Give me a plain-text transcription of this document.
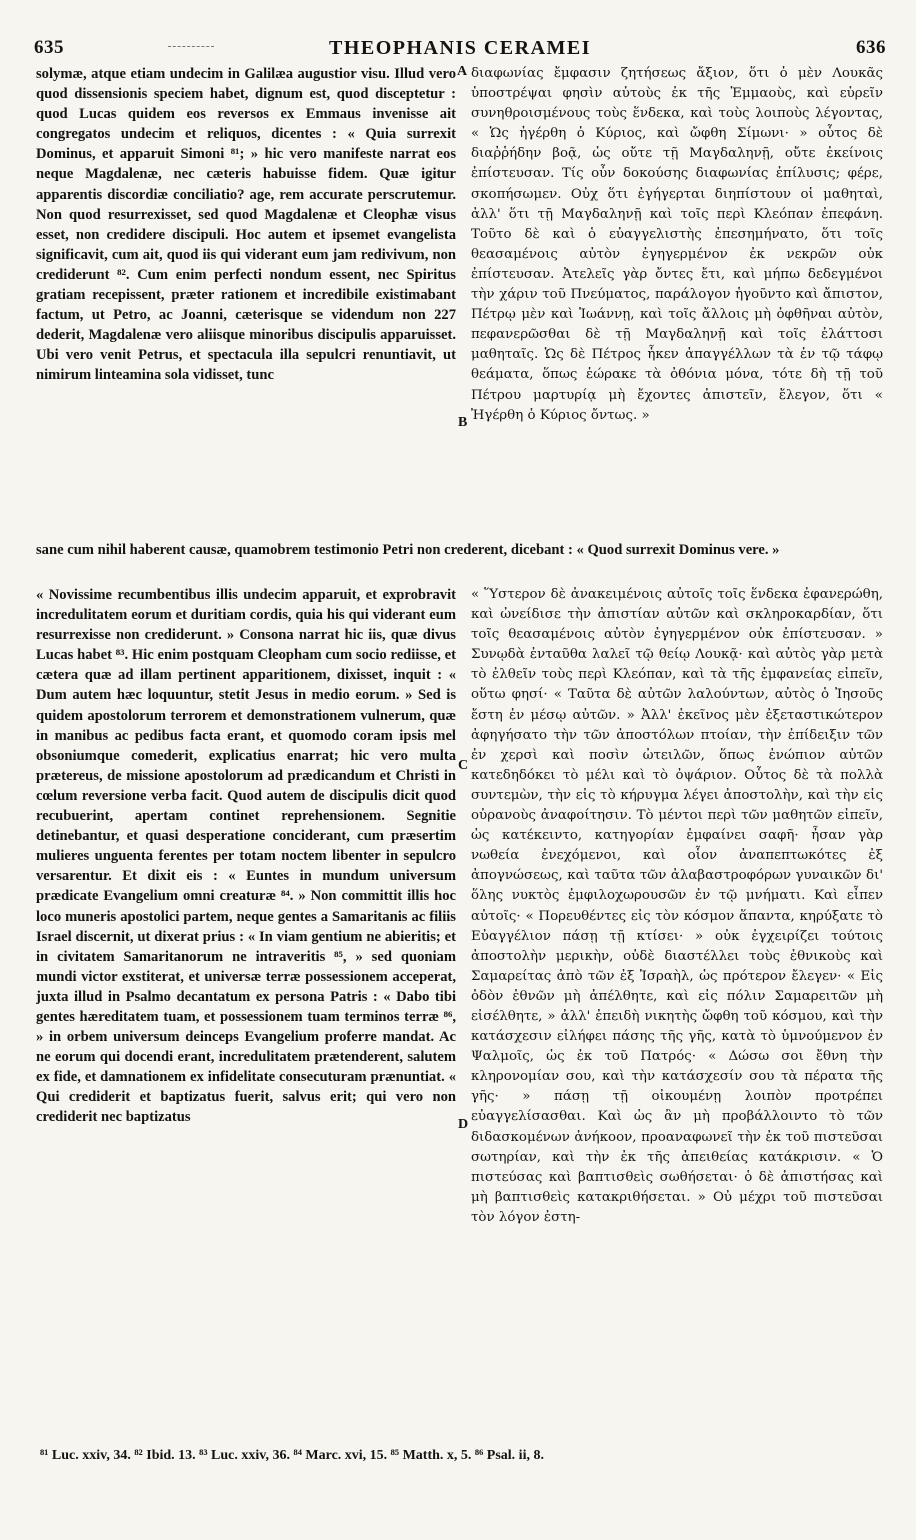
635	THEOPHANIS CERAMEI	636
solymæ, atque etiam undecim in Galilæa augustior visu. Illud vero quod dissensionis speciem habet, dignum est, quod disceptetur : quod Lucas quidem eos reversos ex Emmaus invenisse ait congregatos undecim et reliquos, dicentes : « Quia surrexit Dominus, et apparuit Simoni ⁸¹; » hic vero manifeste narrat eos neque Magdalenæ, nec cæteris habuisse fidem. Quæ igitur apparentis discordiæ conciliatio? age, rem accurate perscrutemur. Non quod resurrexisset, sed quod Magdalenæ et Cleophæ visus esset, non credidere discipuli. Hoc autem et ipsemet evangelista significavit, cum ait, quod iis qui viderant eum jam redivivum, non crediderunt ⁸². Cum enim perfecti nondum essent, nec Spiritus gratiam recepissent, præter rationem et incredibile existimabant factum, ut Petro, ac Joanni, cæterisque se videndum non 227 dederit, Magdalenæ vero aliisque minoribus discipulis apparuisset. Ubi vero venit Petrus, et spectacula illa sepulcri renuntiavit, ut nimirum linteamina sola vidisset, tunc
διαφωνίας ἔμφασιν ζητήσεως ἄξιον, ὅτι ὁ μὲν Λουκᾶς ὑποστρέψαι φησὶν αὐτοὺς ἐκ τῆς Ἐμμαοὺς, καὶ εὑρεῖν συνηθροισμένους τοὺς ἕνδεκα, καὶ τοὺς λοιποὺς λέγοντας, « Ὡς ἠγέρθη ὁ Κύριος, καὶ ὤφθη Σίμωνι· » οὗτος δὲ διαῤῥήδην βοᾷ, ὡς οὔτε τῇ Μαγδαληνῇ, οὔτε ἐκείνοις ἐπίστευσαν. Τίς οὖν δοκούσης διαφωνίας ἐπίλυσις; φέρε, σκοπήσωμεν. Οὐχ ὅτι ἐγήγερται διηπίστουν οἱ μαθηταὶ, ἀλλ' ὅτι τῇ Μαγδαληνῇ καὶ τοῖς περὶ Κλεόπαν ἐπεφάνη. Τοῦτο δὲ καὶ ὁ εὐαγγελιστὴς ἐπεσημήνατο, ὅτι τοῖς θεασαμένοις αὐτὸν ἐγηγερμένον ἐκ νεκρῶν οὐκ ἐπίστευσαν. Ἀτελεῖς γὰρ ὄντες ἔτι, καὶ μήπω δεδεγμένοι τὴν χάριν τοῦ Πνεύματος, παράλογον ἡγοῦντο καὶ ἄπιστον, Πέτρῳ μὲν καὶ Ἰωάννῃ, καὶ τοῖς ἄλλοις μὴ ὀφθῆναι αὐτὸν, πεφανερῶσθαι δὲ τῇ Μαγδαληνῇ καὶ τοῖς ἐλάττοσι μαθηταῖς. Ὡς δὲ Πέτρος ἧκεν ἀπαγγέλλων τὰ ἐν τῷ τάφῳ θεάματα, ὅπως ἑώρακε τὰ ὀθόνια μόνα, τότε δὴ τῇ τοῦ Πέτρου μαρτυρίᾳ μὴ ἔχοντες ἀπιστεῖν, ἔλεγον, ὅτι « Ἠγέρθη ὁ Κύριος ὄντως. »
A
B
sane cum nihil haberent causæ, quamobrem testimonio Petri non crederent, dicebant : « Quod surrexit Dominus vere. »
« Novissime recumbentibus illis undecim apparuit, et exprobravit incredulitatem eorum et duritiam cordis, quia his qui viderant eum resurrexisse non crediderunt. » Consona narrat hic iis, quæ divus Lucas habet ⁸³. Hic enim postquam Cleopham cum socio rediisse, et cætera quæ ad illam pertinent apparitionem, dixisset, inquit : « Dum autem hæc loquuntur, stetit Jesus in medio eorum. » Sed is quidem apostolorum terrorem et demonstrationem vulnerum, quæ in manibus ac pedibus facta erant, et quomodo coram ipsis mel obsoniumque comederit, explicatius enarrat; hic vero multa prætereus, de missione apostolorum ad prædicandum et Christi in cœlum reversione verba facit. Quod autem de discipulis dicit quod recubuerint, apertam continet reprehensionem. Segnitie detinebantur, et quasi desperatione conciderant, cum præsertim mulieres unguenta ferentes per totam noctem libenter in sepulcro versarentur. Et dixit eis : « Euntes in mundum universum prædicate Evangelium omni creaturæ ⁸⁴. » Non committit illis hoc loco muneris apostolici partem, neque gentes a Samaritanis ac filiis Israel discernit, ut dixerat prius : « In viam gentium ne abieritis; et in civitatem Samaritanorum ne intraveritis ⁸⁵, » sed quoniam mundi victor exstiterat, et universæ terræ possessionem acceperat, juxta illud in Psalmo decantatum ex persona Patris : « Dabo tibi gentes hæreditatem tuam, et possessionem tuam terminos terræ ⁸⁶, » in orbem universum deinceps Evangelium proferre mandat. Ac ne eorum qui docendi erant, incredulitatem prætenderent, salutem ex fide, et damnationem ex infidelitate consecuturam prænuntiat. « Qui crediderit et baptizatus fuerit, salvus erit; qui vero non crediderit nec baptizatus
« Ὕστερον δὲ ἀνακειμένοις αὐτοῖς τοῖς ἕνδεκα ἐφανερώθη, καὶ ὠνείδισε τὴν ἀπιστίαν αὐτῶν καὶ σκληροκαρδίαν, ὅτι τοῖς θεασαμένοις αὐτὸν ἐγηγερμένον οὐκ ἐπίστευσαν. » Συνῳδὰ ἐνταῦθα λαλεῖ τῷ θείῳ Λουκᾷ· καὶ αὐτὸς γὰρ μετὰ τὸ ἐλθεῖν τοὺς περὶ Κλεόπαν, καὶ τὰ τῆς ἐμφανείας εἰπεῖν, οὕτω φησί· « Ταῦτα δὲ αὐτῶν λαλούντων, αὐτὸς ὁ Ἰησοῦς ἔστη ἐν μέσῳ αὐτῶν. » Ἀλλ' ἐκεῖνος μὲν ἐξεταστικώτερον ἀφηγήσατο τὴν τῶν ἀποστόλων πτοίαν, τὴν ἐπίδειξιν τῶν ἐν χερσὶ καὶ ποσὶν ὠτειλῶν, ὅπως ἐνώπιον αὐτῶν κατεδηδόκει τὸ μέλι καὶ τὸ ὀψάριον. Οὗτος δὲ τὰ πολλὰ συντεμὼν, τὴν εἰς τὸ κήρυγμα λέγει ἀποστολὴν, καὶ τὴν εἰς οὐρανοὺς ἀναφοίτησιν. Τὸ μέντοι περὶ τῶν μαθητῶν εἰπεῖν, ὡς κατέκειντο, κατηγορίαν ἐμφαίνει σαφῆ· ἦσαν γὰρ νωθεία ἐνεχόμενοι, καὶ οἷον ἀναπεπτωκότες ἐξ ἀπογνώσεως, καὶ ταῦτα τῶν ἀλαβαστροφόρων γυναικῶν δι' ὅλης νυκτὸς ἐμφιλοχωρουσῶν ἐν τῷ μνήματι. Καὶ εἶπεν αὐτοῖς· « Πορευθέντες εἰς τὸν κόσμον ἅπαντα, κηρύξατε τὸ Εὐαγγέλιον πάσῃ τῇ κτίσει· » οὐκ ἐγχειρίζει τούτοις ἀποστολὴν μερικὴν, οὐδὲ διαστέλλει τοὺς ἐθνικοὺς καὶ Σαμαρείτας ἀπὸ τῶν ἐξ Ἰσραὴλ, ὡς πρότερον ἔλεγεν· « Εἰς ὁδὸν ἐθνῶν μὴ ἀπέλθητε, καὶ εἰς πόλιν Σαμαρειτῶν μὴ εἰσέλθητε, » ἀλλ' ἐπειδὴ νικητὴς ὤφθη τοῦ κόσμου, καὶ τὴν κατάσχεσιν εἰλήφει πάσης τῆς γῆς, κατὰ τὸ ὑμνούμενον ἐν Ψαλμοῖς, ὡς ἐκ τοῦ Πατρός· « Δώσω σοι ἔθνη τὴν κληρονομίαν σου, καὶ τὴν κατάσχεσίν σου τὰ πέρατα τῆς γῆς· » πάσῃ τῇ οἰκουμένῃ λοιπὸν προτρέπει εὐαγγελίσασθαι. Καὶ ὡς ἂν μὴ προβάλλοιντο τὸ τῶν διδασκομένων ἀνήκοον, προαναφωνεῖ τὴν ἐκ τοῦ πιστεῦσαι σωτηρίαν, καὶ τὴν ἐκ τῆς ἀπειθείας κατάκρισιν. « Ὁ πιστεύσας καὶ βαπτισθεὶς σωθήσεται· ὁ δὲ ἀπιστήσας καὶ μὴ βαπτισθεὶς κατακριθήσεται. » Οὐ μέχρι τοῦ πιστεῦσαι τὸν λόγον ἐστη-
C
D
⁸¹ Luc. xxiv, 34. ⁸² Ibid. 13. ⁸³ Luc. xxiv, 36. ⁸⁴ Marc. xvi, 15. ⁸⁵ Matth. x, 5. ⁸⁶ Psal. ii, 8.
